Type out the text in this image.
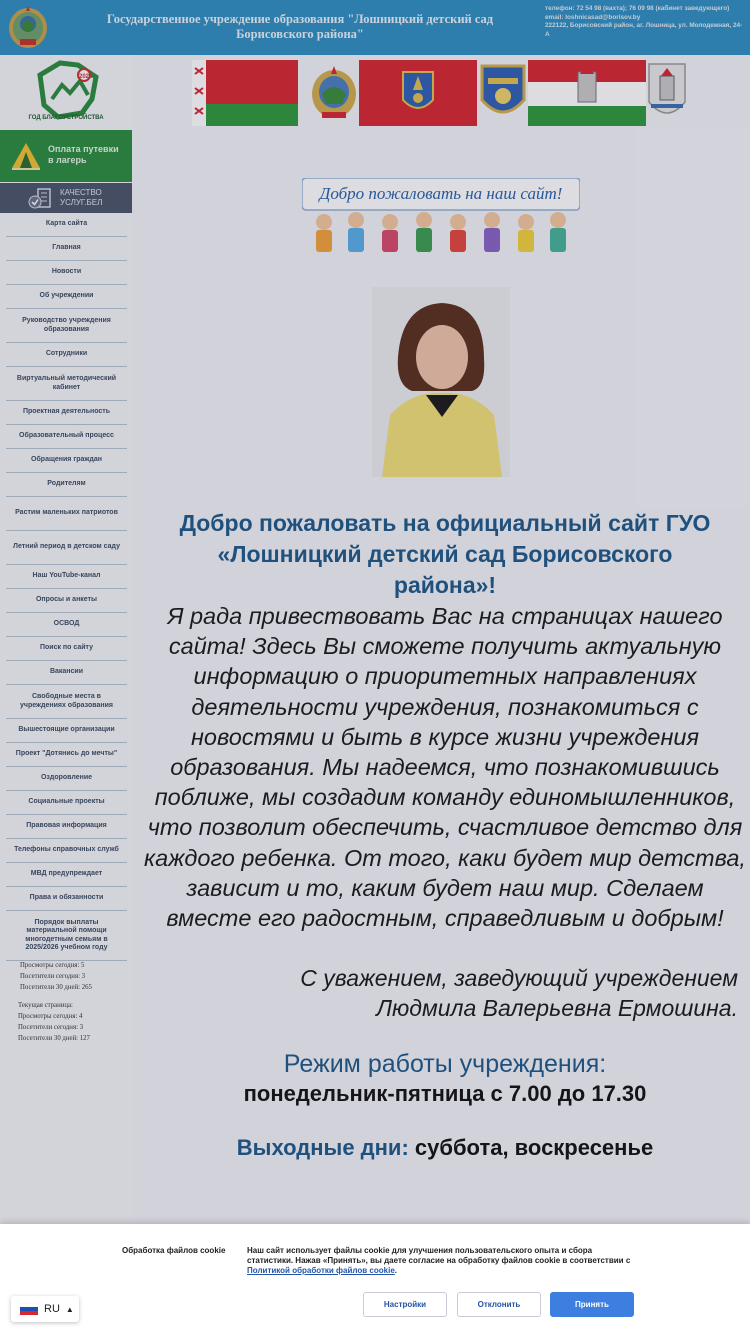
Государственное учреждение образования "Лошницкий детский сад Борисовского района"
телефон: 72 54 98 (вахта); 76 09 98 (кабинет заведующего)
email: loshnicasad@borisov.by
222122, Борисовский район, аг. Лошница, ул. Молодежная, 24-А
2025
ГОД БЛАГОУСТРОЙСТВА
Оплата путевки в лагерь
КАЧЕСТВО УСЛУГ.БЕЛ
Карта сайта
Главная
Новости
Об учреждении
Руководство учреждения образования
Сотрудники
Виртуальный методический кабинет
Проектная деятельность
Образовательный процесс
Обращения граждан
Родителям
Растим маленьких патриотов
Летний период в детском саду
Наш YouTube-канал
Опросы и анкеты
ОСВОД
Поиск по сайту
Вакансии
Свободные места в учреждениях образования
Вышестоящие организации
Проект "Дотянись до мечты"
Оздоровление
Социальные проекты
Правовая информация
Телефоны справочных служб
МВД предупреждает
Права и обязанности
Порядок выплаты материальной помощи многодетным семьям в 2025/2026 учебном году
Просмотры сегодня: 5
Посетители сегодня: 3
Посетители 30 дней: 265
Текущая страница:
Просмотры сегодня: 4
Посетители сегодня: 3
Посетители 30 дней: 127
Добро пожаловать на наш сайт!
Добро пожаловать на официальный сайт ГУО «Лошницкий детский сад Борисовского района»!

Я рада привествовать Вас на страницах нашего сайта! Здесь Вы сможете получить актуальную информацию о приоритетных направлениях деятельности учреждения, познакомиться с новостями и быть в курсе жизни учреждения образования. Мы надеемся, что познакомившись поближе, мы создадим команду единомышленников, что позволит обеспечить, счастливое детство для каждого ребенка. От того, каки будет мир детства, зависит и то, каким будет наш мир. Сделаем вместе его радостным, справедливым и добрым!

С уважением, заведующий учреждением
Людмила Валерьевна Ермошина.
Режим работы учреждения:
понедельник-пятница с 7.00 до 17.30
Выходные дни: суббота, воскресенье
Обработка файлов cookie	Наш сайт использует файлы cookie для улучшения пользовательского опыта и сбора статистики. Нажав «Принять», вы даете согласие на обработку файлов cookie в соответствии с Политикой обработки файлов cookie.
Настройки	Отклонить	Принять
RU ▲
